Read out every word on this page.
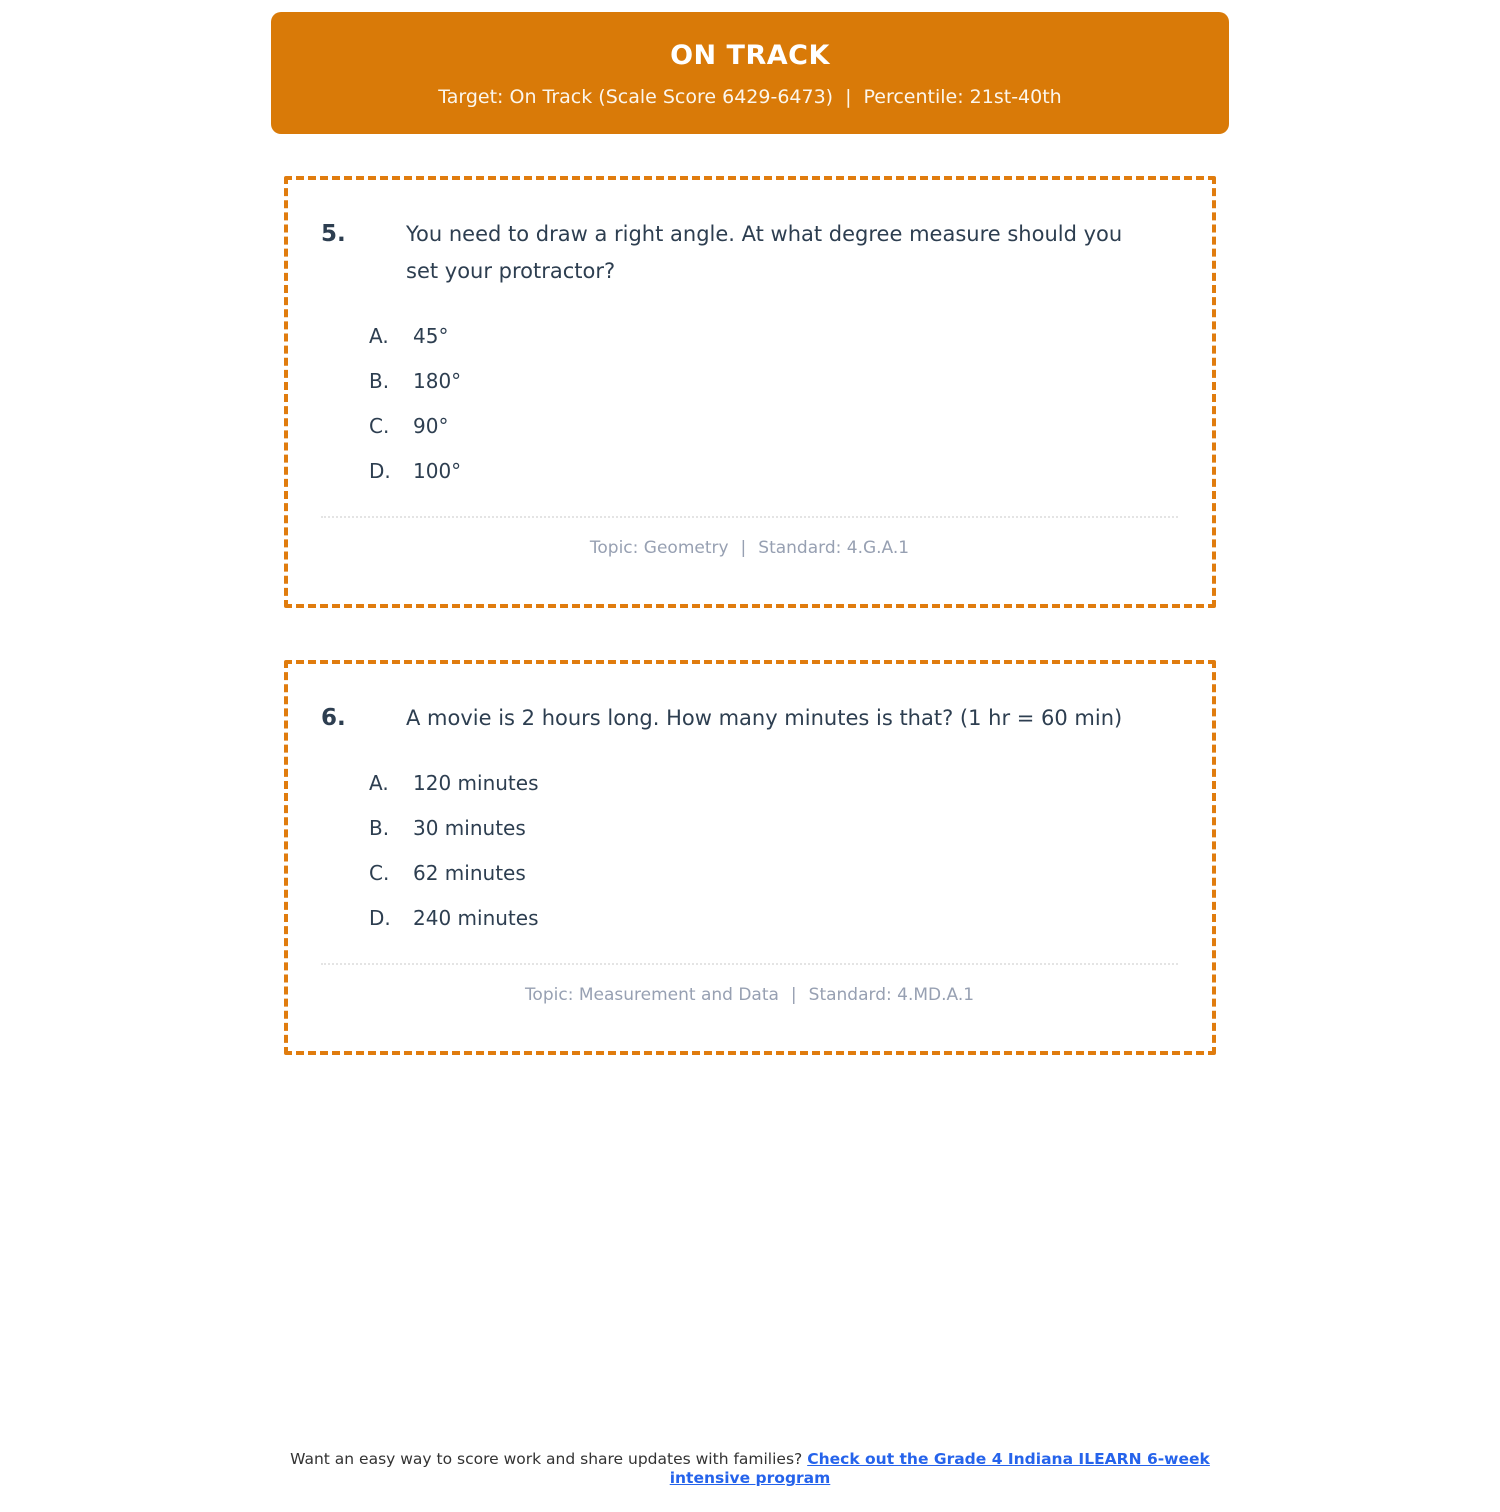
ON TRACK
Target: On Track (Scale Score 6429-6473) | Percentile: 21st-40th
5.	You need to draw a right angle. At what degree measure should you set your protractor?
A.	45°
B.	180°
C.	90°
D.	100°
Topic: Geometry | Standard: 4.G.A.1
6.	A movie is 2 hours long. How many minutes is that? (1 hr = 60 min)
A.	120 minutes
B.	30 minutes
C.	62 minutes
D.	240 minutes
Topic: Measurement and Data | Standard: 4.MD.A.1
Want an easy way to score work and share updates with families? Check out the Grade 4 Indiana ILEARN 6-week intensive program
